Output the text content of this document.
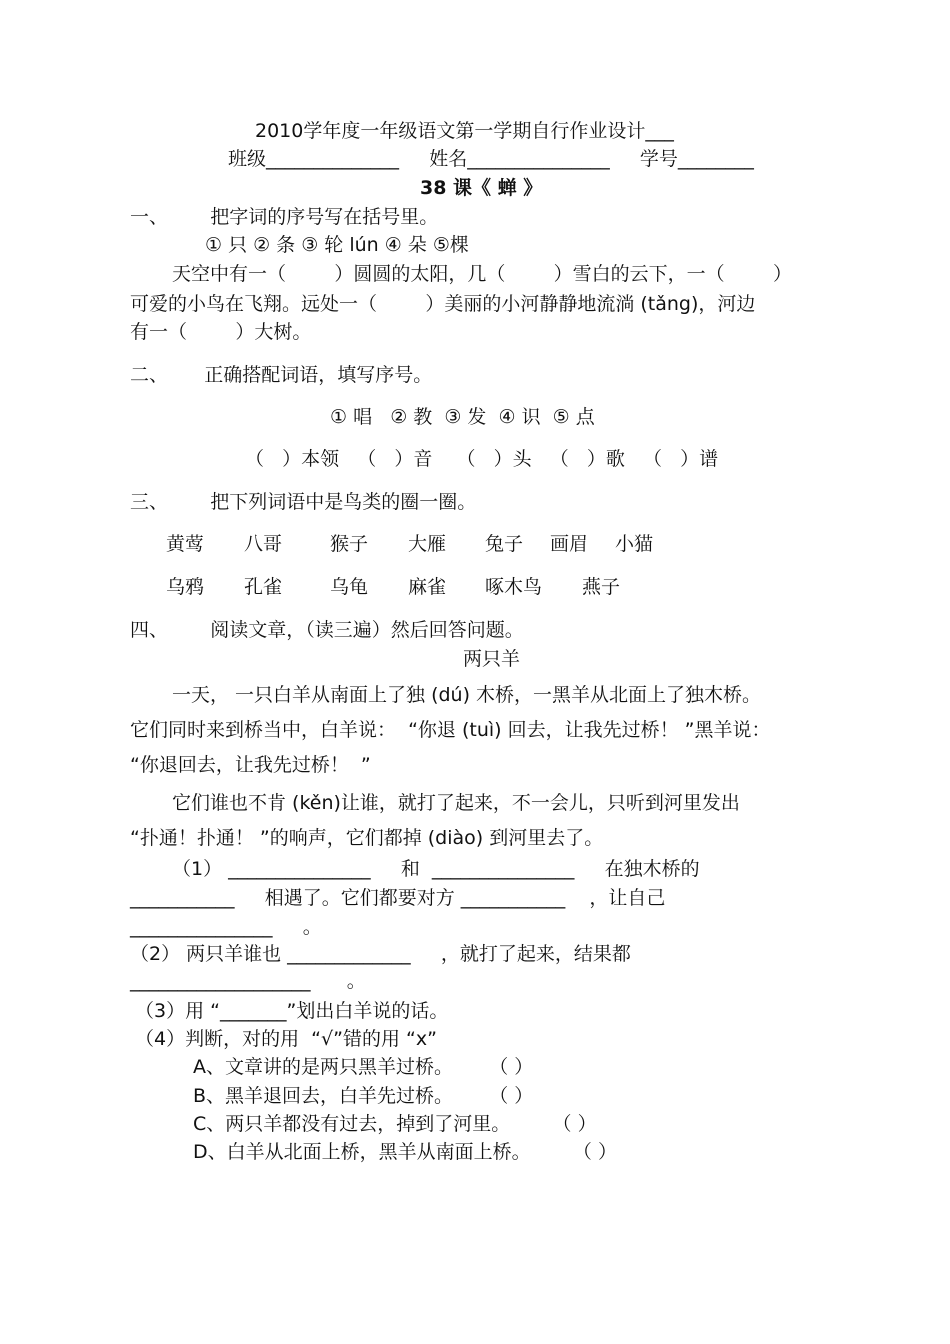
2010学年度一年级语文第一学期自行作业设计___
班级______________     姓名_______________     学号________
38 课《 蝉 》
一、       把字词的序号写在括号里。
① 只 ② 条 ③ 轮 lún ④ 朵 ⑤棵
天空中有一（        ）圆圆的太阳，几（        ）雪白的云下，一（        ）
可爱的小鸟在飞翔。远处一（        ）美丽的小河静静地流淌 (tǎng)，河边
有一（        ）大树。
二、      正确搭配词语，填写序号。
① 唱   ② 教  ③ 发  ④ 识  ⑤ 点
（   ）本领   （   ）音    （   ）头   （   ）歌   （   ）谱
三、       把下列词语中是鸟类的圈一圈。
黄莺 八哥	猴子 大雁 兔子 画眉 小猫
乌鸦 孔雀	乌龟 麻雀 啄木鸟 燕子
四、       阅读文章，（读三遍）然后回答问题。
两只羊
一天， 一只白羊从南面上了独 (dú) 木桥，一黑羊从北面上了独木桥。
它们同时来到桥当中，白羊说：  “你退 (tuì) 回去，让我先过桥！ ”黑羊说：
“你退回去，让我先过桥！  ”
它们谁也不肯 (kěn)让谁，就打了起来，不一会儿，只听到河里发出
“扑通！扑通！ ”的响声，它们都掉 (diào) 到河里去了。
（1） _______________     和  _______________     在独木桥的
___________     相遇了。它们都要对方 ___________    ，让自己
_______________     。
（2） 两只羊谁也 _____________     ，就打了起来，结果都
___________________      。
（3）用 “_______”划出白羊说的话。
（4）判断，对的用  “√”错的用 “x”
A、文章讲的是两只黑羊过桥。      （ ）
B、黑羊退回去，白羊先过桥。      （ ）
C、两只羊都没有过去，掉到了河里。       （ ）
D、白羊从北面上桥，黑羊从南面上桥。       （ ）
